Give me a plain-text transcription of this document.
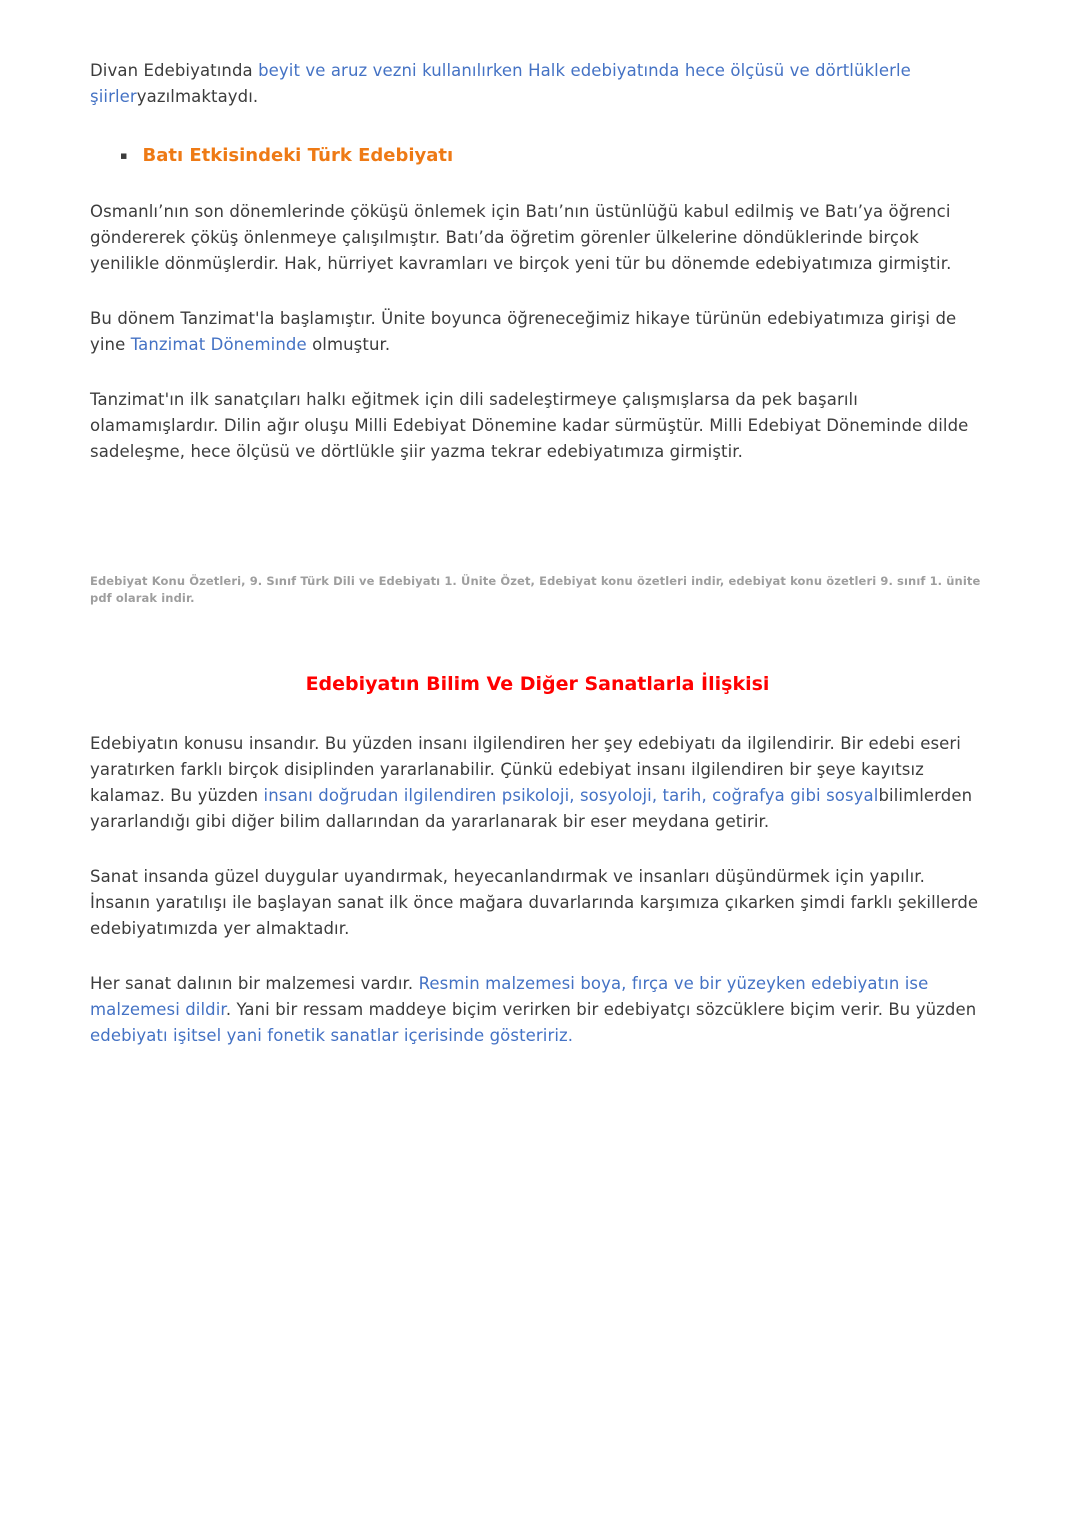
Divan Edebiyatında beyit ve aruz vezni kullanılırken Halk edebiyatında hece ölçüsü ve dörtlüklerle şiirleryazılmaktaydı.

▪ Batı Etkisindeki Türk Edebiyatı

Osmanlı’nın son dönemlerinde çöküşü önlemek için Batı’nın üstünlüğü kabul edilmiş ve Batı’ya öğrenci göndererek çöküş önlenmeye çalışılmıştır. Batı’da öğretim görenler ülkelerine döndüklerinde birçok yenilikle dönmüşlerdir. Hak, hürriyet kavramları ve birçok yeni tür bu dönemde edebiyatımıza girmiştir.

Bu dönem Tanzimat'la başlamıştır. Ünite boyunca öğreneceğimiz hikaye türünün edebiyatımıza girişi de yine Tanzimat Döneminde olmuştur.

Tanzimat'ın ilk sanatçıları halkı eğitmek için dili sadeleştirmeye çalışmışlarsa da pek başarılı olamamışlardır. Dilin ağır oluşu Milli Edebiyat Dönemine kadar sürmüştür. Milli Edebiyat Döneminde dilde sadeleşme, hece ölçüsü ve dörtlükle şiir yazma tekrar edebiyatımıza girmiştir.

Edebiyat Konu Özetleri, 9. Sınıf Türk Dili ve Edebiyatı 1. Ünite Özet, Edebiyat konu özetleri indir, edebiyat konu özetleri 9. sınıf 1. ünite pdf olarak indir.

Edebiyatın Bilim Ve Diğer Sanatlarla İlişkisi

Edebiyatın konusu insandır. Bu yüzden insanı ilgilendiren her şey edebiyatı da ilgilendirir. Bir edebi eseri yaratırken farklı birçok disiplinden yararlanabilir. Çünkü edebiyat insanı ilgilendiren bir şeye kayıtsız kalamaz. Bu yüzden insanı doğrudan ilgilendiren psikoloji, sosyoloji, tarih, coğrafya gibi sosyalbilimlerden yararlandığı gibi diğer bilim dallarından da yararlanarak bir eser meydana getirir.

Sanat insanda güzel duygular uyandırmak, heyecanlandırmak ve insanları düşündürmek için yapılır. İnsanın yaratılışı ile başlayan sanat ilk önce mağara duvarlarında karşımıza çıkarken şimdi farklı şekillerde edebiyatımızda yer almaktadır.

Her sanat dalının bir malzemesi vardır. Resmin malzemesi boya, fırça ve bir yüzeyken edebiyatın ise malzemesi dildir. Yani bir ressam maddeye biçim verirken bir edebiyatçı sözcüklere biçim verir. Bu yüzden edebiyatı işitsel yani fonetik sanatlar içerisinde gösteririz.
